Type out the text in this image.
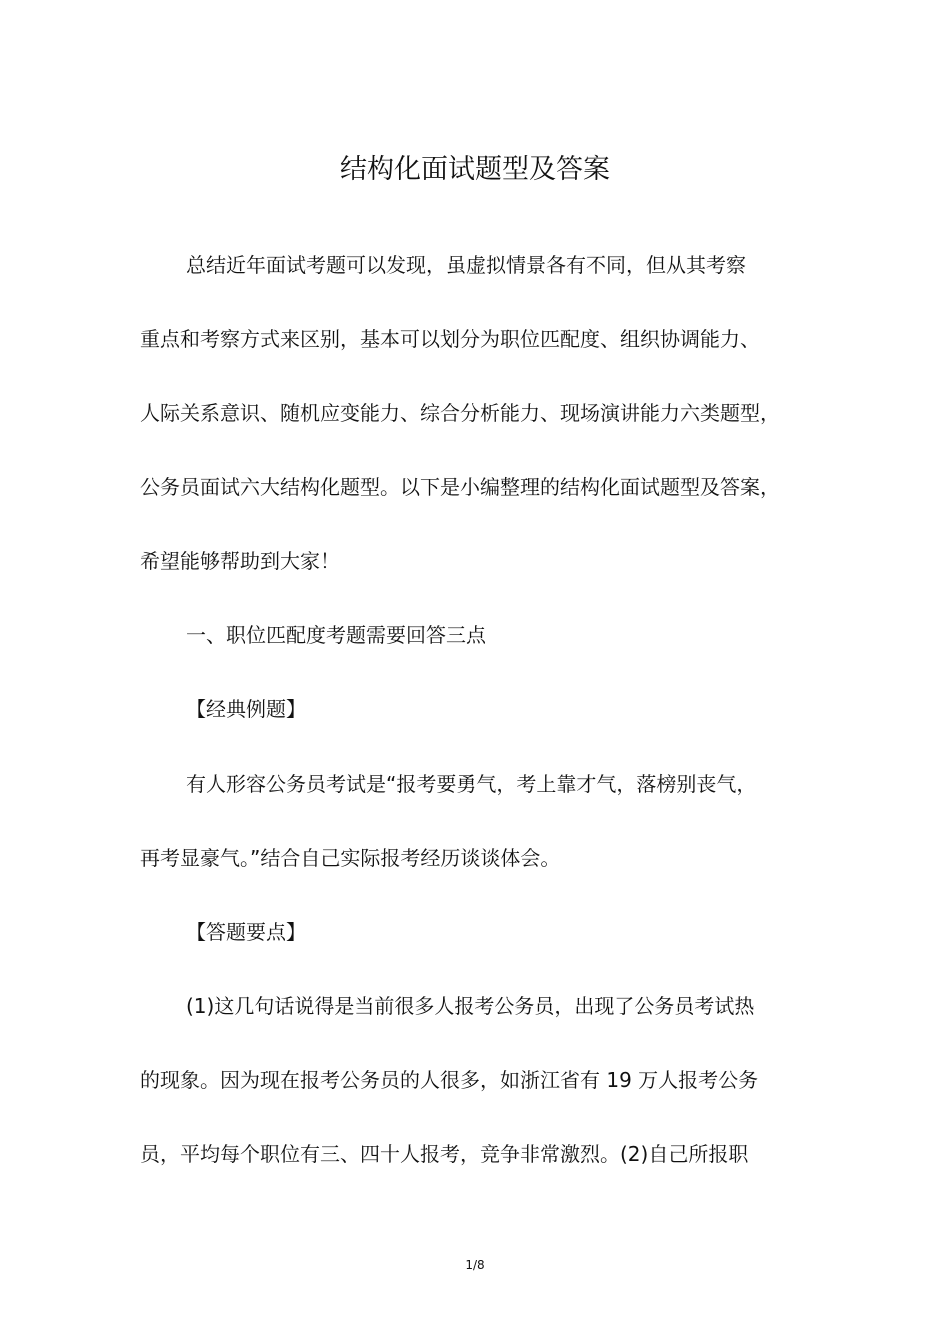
结构化面试题型及答案
总结近年面试考题可以发现，虽虚拟情景各有不同，但从其考察
重点和考察方式来区别，基本可以划分为职位匹配度、组织协调能力、
人际关系意识、随机应变能力、综合分析能力、现场演讲能力六类题型，
公务员面试六大结构化题型。以下是小编整理的结构化面试题型及答案，
希望能够帮助到大家！
一、职位匹配度考题需要回答三点
【经典例题】
有人形容公务员考试是“报考要勇气，考上靠才气，落榜别丧气，
再考显豪气。”结合自己实际报考经历谈谈体会。
【答题要点】
(1)这几句话说得是当前很多人报考公务员，出现了公务员考试热
的现象。因为现在报考公务员的人很多，如浙江省有 19 万人报考公务
员，平均每个职位有三、四十人报考，竞争非常激烈。(2)自己所报职
1/8
